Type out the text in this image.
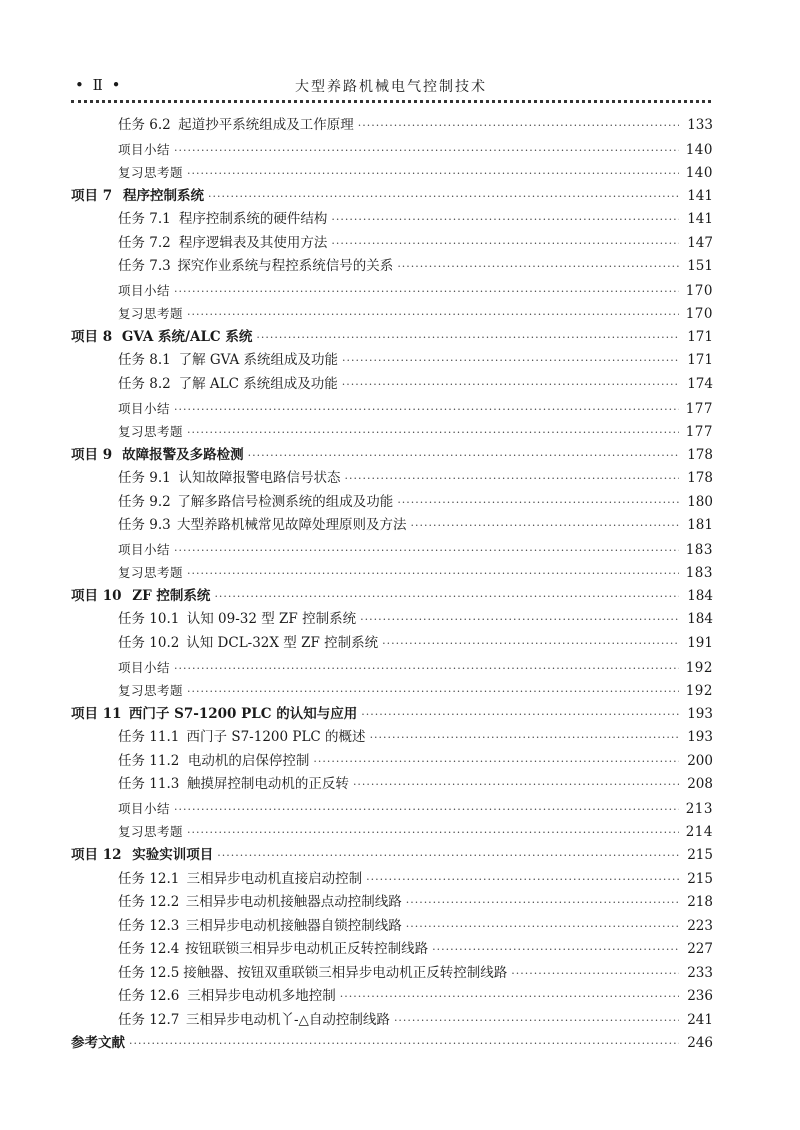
• Ⅱ •	大型养路机械电气控制技术
任务 6.2 起道抄平系统组成及工作原理 ·····	133
项目小结 ·····	140
复习思考题 ·····	140
项目 7 程序控制系统 ·····	141
任务 7.1 程序控制系统的硬件结构 ·····	141
任务 7.2 程序逻辑表及其使用方法 ·····	147
任务 7.3 探究作业系统与程控系统信号的关系 ·····	151
项目小结 ·····	170
复习思考题 ·····	170
项目 8 GVA 系统/ALC 系统 ·····	171
任务 8.1 了解 GVA 系统组成及功能 ·····	171
任务 8.2 了解 ALC 系统组成及功能 ·····	174
项目小结 ·····	177
复习思考题 ·····	177
项目 9 故障报警及多路检测 ·····	178
任务 9.1 认知故障报警电路信号状态 ·····	178
任务 9.2 了解多路信号检测系统的组成及功能 ·····	180
任务 9.3 大型养路机械常见故障处理原则及方法 ·····	181
项目小结 ·····	183
复习思考题 ·····	183
项目 10 ZF 控制系统 ·····	184
任务 10.1 认知 09-32 型 ZF 控制系统 ·····	184
任务 10.2 认知 DCL-32X 型 ZF 控制系统 ·····	191
项目小结 ·····	192
复习思考题 ·····	192
项目 11 西门子 S7-1200 PLC 的认知与应用 ·····	193
任务 11.1 西门子 S7-1200 PLC 的概述 ·····	193
任务 11.2 电动机的启保停控制 ·····	200
任务 11.3 触摸屏控制电动机的正反转 ·····	208
项目小结 ·····	213
复习思考题 ·····	214
项目 12 实验实训项目 ·····	215
任务 12.1 三相异步电动机直接启动控制 ·····	215
任务 12.2 三相异步电动机接触器点动控制线路 ·····	218
任务 12.3 三相异步电动机接触器自锁控制线路 ·····	223
任务 12.4 按钮联锁三相异步电动机正反转控制线路 ·····	227
任务 12.5 接触器、按钮双重联锁三相异步电动机正反转控制线路 ·····	233
任务 12.6 三相异步电动机多地控制 ·····	236
任务 12.7 三相异步电动机丫-△自动控制线路 ·····	241
参考文献 ·····	246
